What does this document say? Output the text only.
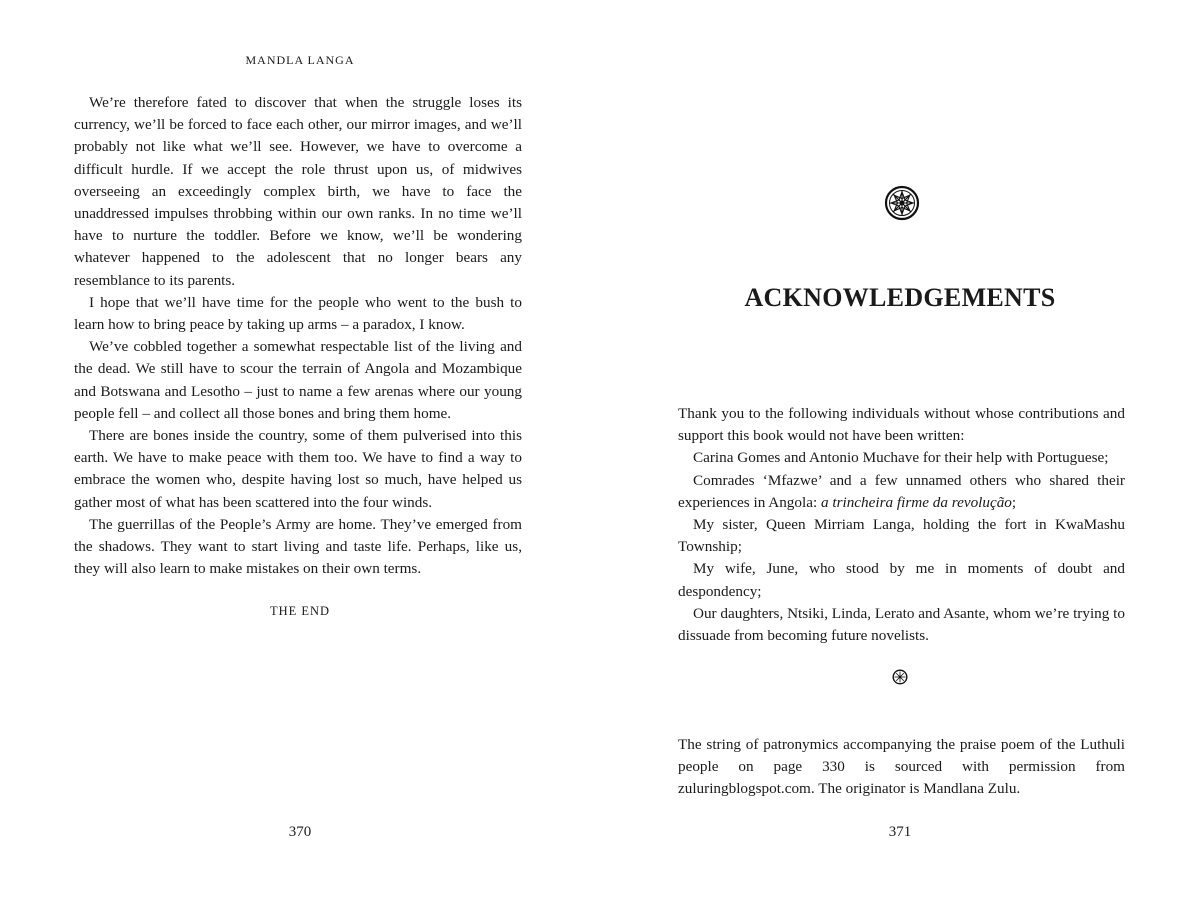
MANDLA LANGA

We’re therefore fated to discover that when the struggle loses its currency, we’ll be forced to face each other, our mirror images, and we’ll probably not like what we’ll see. However, we have to overcome a difficult hurdle. If we accept the role thrust upon us, of midwives overseeing an exceedingly complex birth, we have to face the unaddressed impulses throbbing within our own ranks. In no time we’ll have to nurture the toddler. Before we know, we’ll be wondering whatever happened to the adolescent that no longer bears any resemblance to its parents.

I hope that we’ll have time for the people who went to the bush to learn how to bring peace by taking up arms – a paradox, I know.

We’ve cobbled together a somewhat respectable list of the living and the dead. We still have to scour the terrain of Angola and Mozambique and Botswana and Lesotho – just to name a few arenas where our young people fell – and collect all those bones and bring them home.

There are bones inside the country, some of them pulverised into this earth. We have to make peace with them too. We have to find a way to embrace the women who, despite having lost so much, have helped us gather most of what has been scattered into the four winds.

The guerrillas of the People’s Army are home. They’ve emerged from the shadows. They want to start living and taste life. Perhaps, like us, they will also learn to make mistakes on their own terms.

THE END
370
ACKNOWLEDGEMENTS

Thank you to the following individuals without whose contributions and support this book would not have been written:

Carina Gomes and Antonio Muchave for their help with Portuguese;

Comrades ‘Mfazwe’ and a few unnamed others who shared their experiences in Angola: a trincheira firme da revolução;

My sister, Queen Mirriam Langa, holding the fort in KwaMashu Township;

My wife, June, who stood by me in moments of doubt and despondency;

Our daughters, Ntsiki, Linda, Lerato and Asante, whom we’re trying to dissuade from becoming future novelists.

The string of patronymics accompanying the praise poem of the Luthuli people on page 330 is sourced with permission from zuluringblogspot.com. The originator is Mandlana Zulu.

371
